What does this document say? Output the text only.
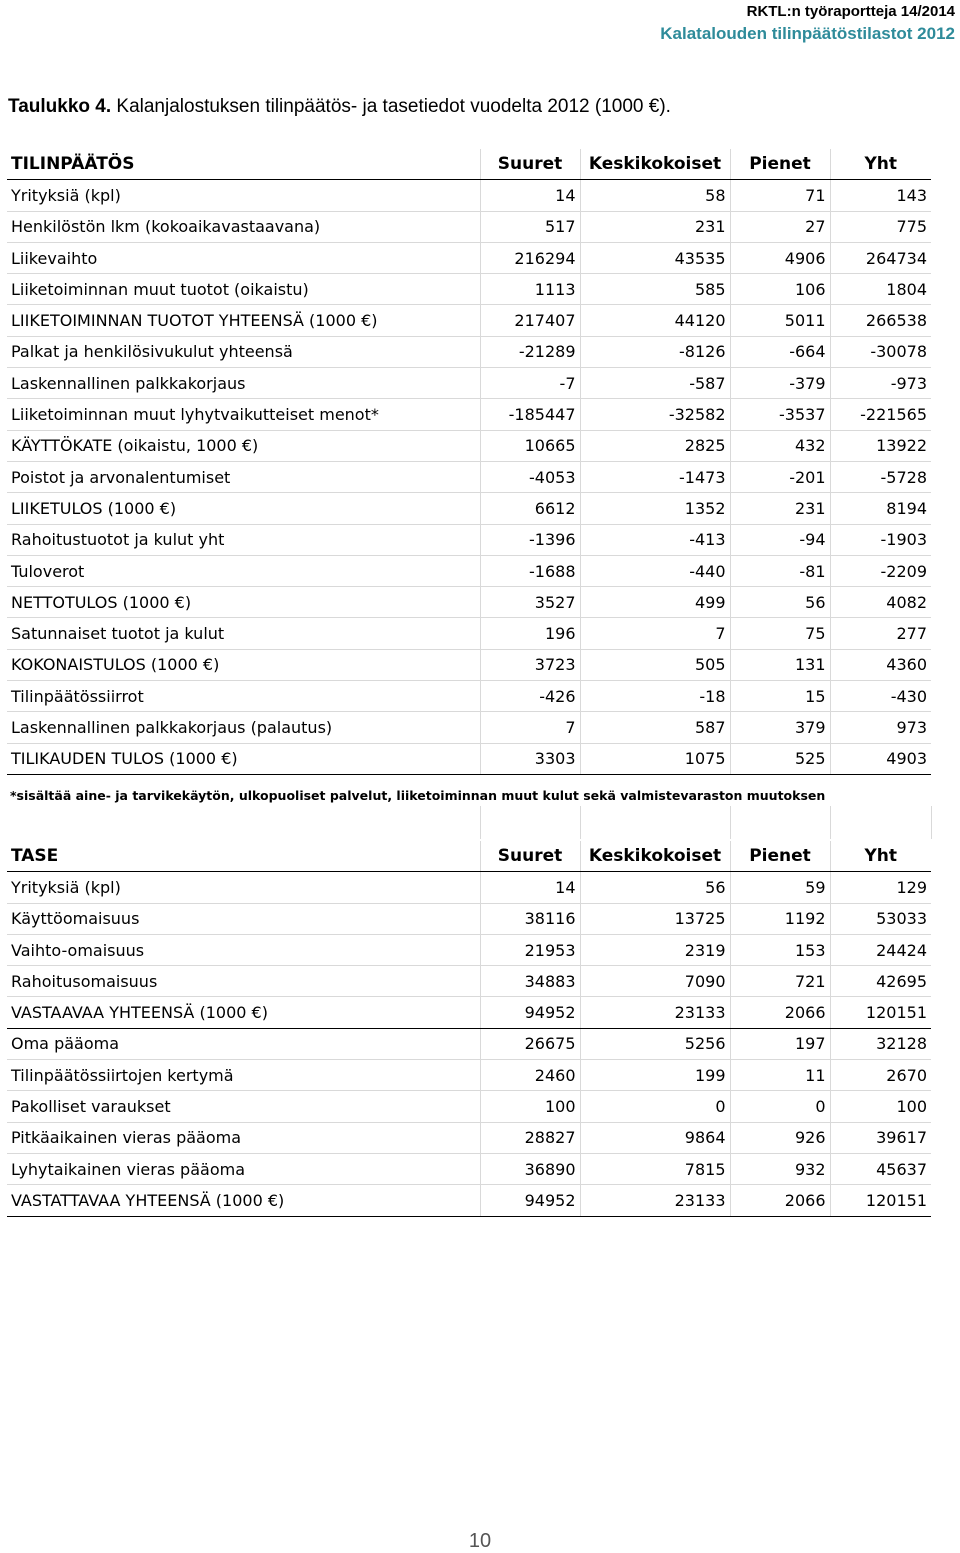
RKTL:n työraportteja 14/2014
Kalatalouden tilinpäätöstilastot 2012
Taulukko 4. Kalanjalostuksen tilinpäätös- ja tasetiedot vuodelta 2012 (1000 €).
TILINPÄÄTÖS	Suuret	Keskikokoiset	Pienet	Yht
Yrityksiä (kpl)	14	58	71	143
Henkilöstön lkm (kokoaikavastaavana)	517	231	27	775
Liikevaihto	216294	43535	4906	264734
Liiketoiminnan muut tuotot (oikaistu)	1113	585	106	1804
LIIKETOIMINNAN TUOTOT YHTEENSÄ (1000 €)	217407	44120	5011	266538
Palkat ja henkilösivukulut yhteensä	-21289	-8126	-664	-30078
Laskennallinen palkkakorjaus	-7	-587	-379	-973
Liiketoiminnan muut lyhytvaikutteiset menot*	-185447	-32582	-3537	-221565
KÄYTTÖKATE (oikaistu, 1000 €)	10665	2825	432	13922
Poistot ja arvonalentumiset	-4053	-1473	-201	-5728
LIIKETULOS (1000 €)	6612	1352	231	8194
Rahoitustuotot ja kulut yht	-1396	-413	-94	-1903
Tuloverot	-1688	-440	-81	-2209
NETTOTULOS (1000 €)	3527	499	56	4082
Satunnaiset tuotot ja kulut	196	7	75	277
KOKONAISTULOS (1000 €)	3723	505	131	4360
Tilinpäätössiirrot	-426	-18	15	-430
Laskennallinen palkkakorjaus (palautus)	7	587	379	973
TILIKAUDEN TULOS (1000 €)	3303	1075	525	4903
*sisältää aine- ja tarvikekäytön, ulkopuoliset palvelut, liiketoiminnan muut kulut sekä valmistevaraston muutoksen
TASE	Suuret	Keskikokoiset	Pienet	Yht
Yrityksiä (kpl)	14	56	59	129
Käyttöomaisuus	38116	13725	1192	53033
Vaihto-omaisuus	21953	2319	153	24424
Rahoitusomaisuus	34883	7090	721	42695
VASTAAVAA YHTEENSÄ (1000 €)	94952	23133	2066	120151
Oma pääoma	26675	5256	197	32128
Tilinpäätössiirtojen kertymä	2460	199	11	2670
Pakolliset varaukset	100	0	0	100
Pitkäaikainen vieras pääoma	28827	9864	926	39617
Lyhytaikainen vieras pääoma	36890	7815	932	45637
VASTATTAVAA YHTEENSÄ (1000 €)	94952	23133	2066	120151
10
